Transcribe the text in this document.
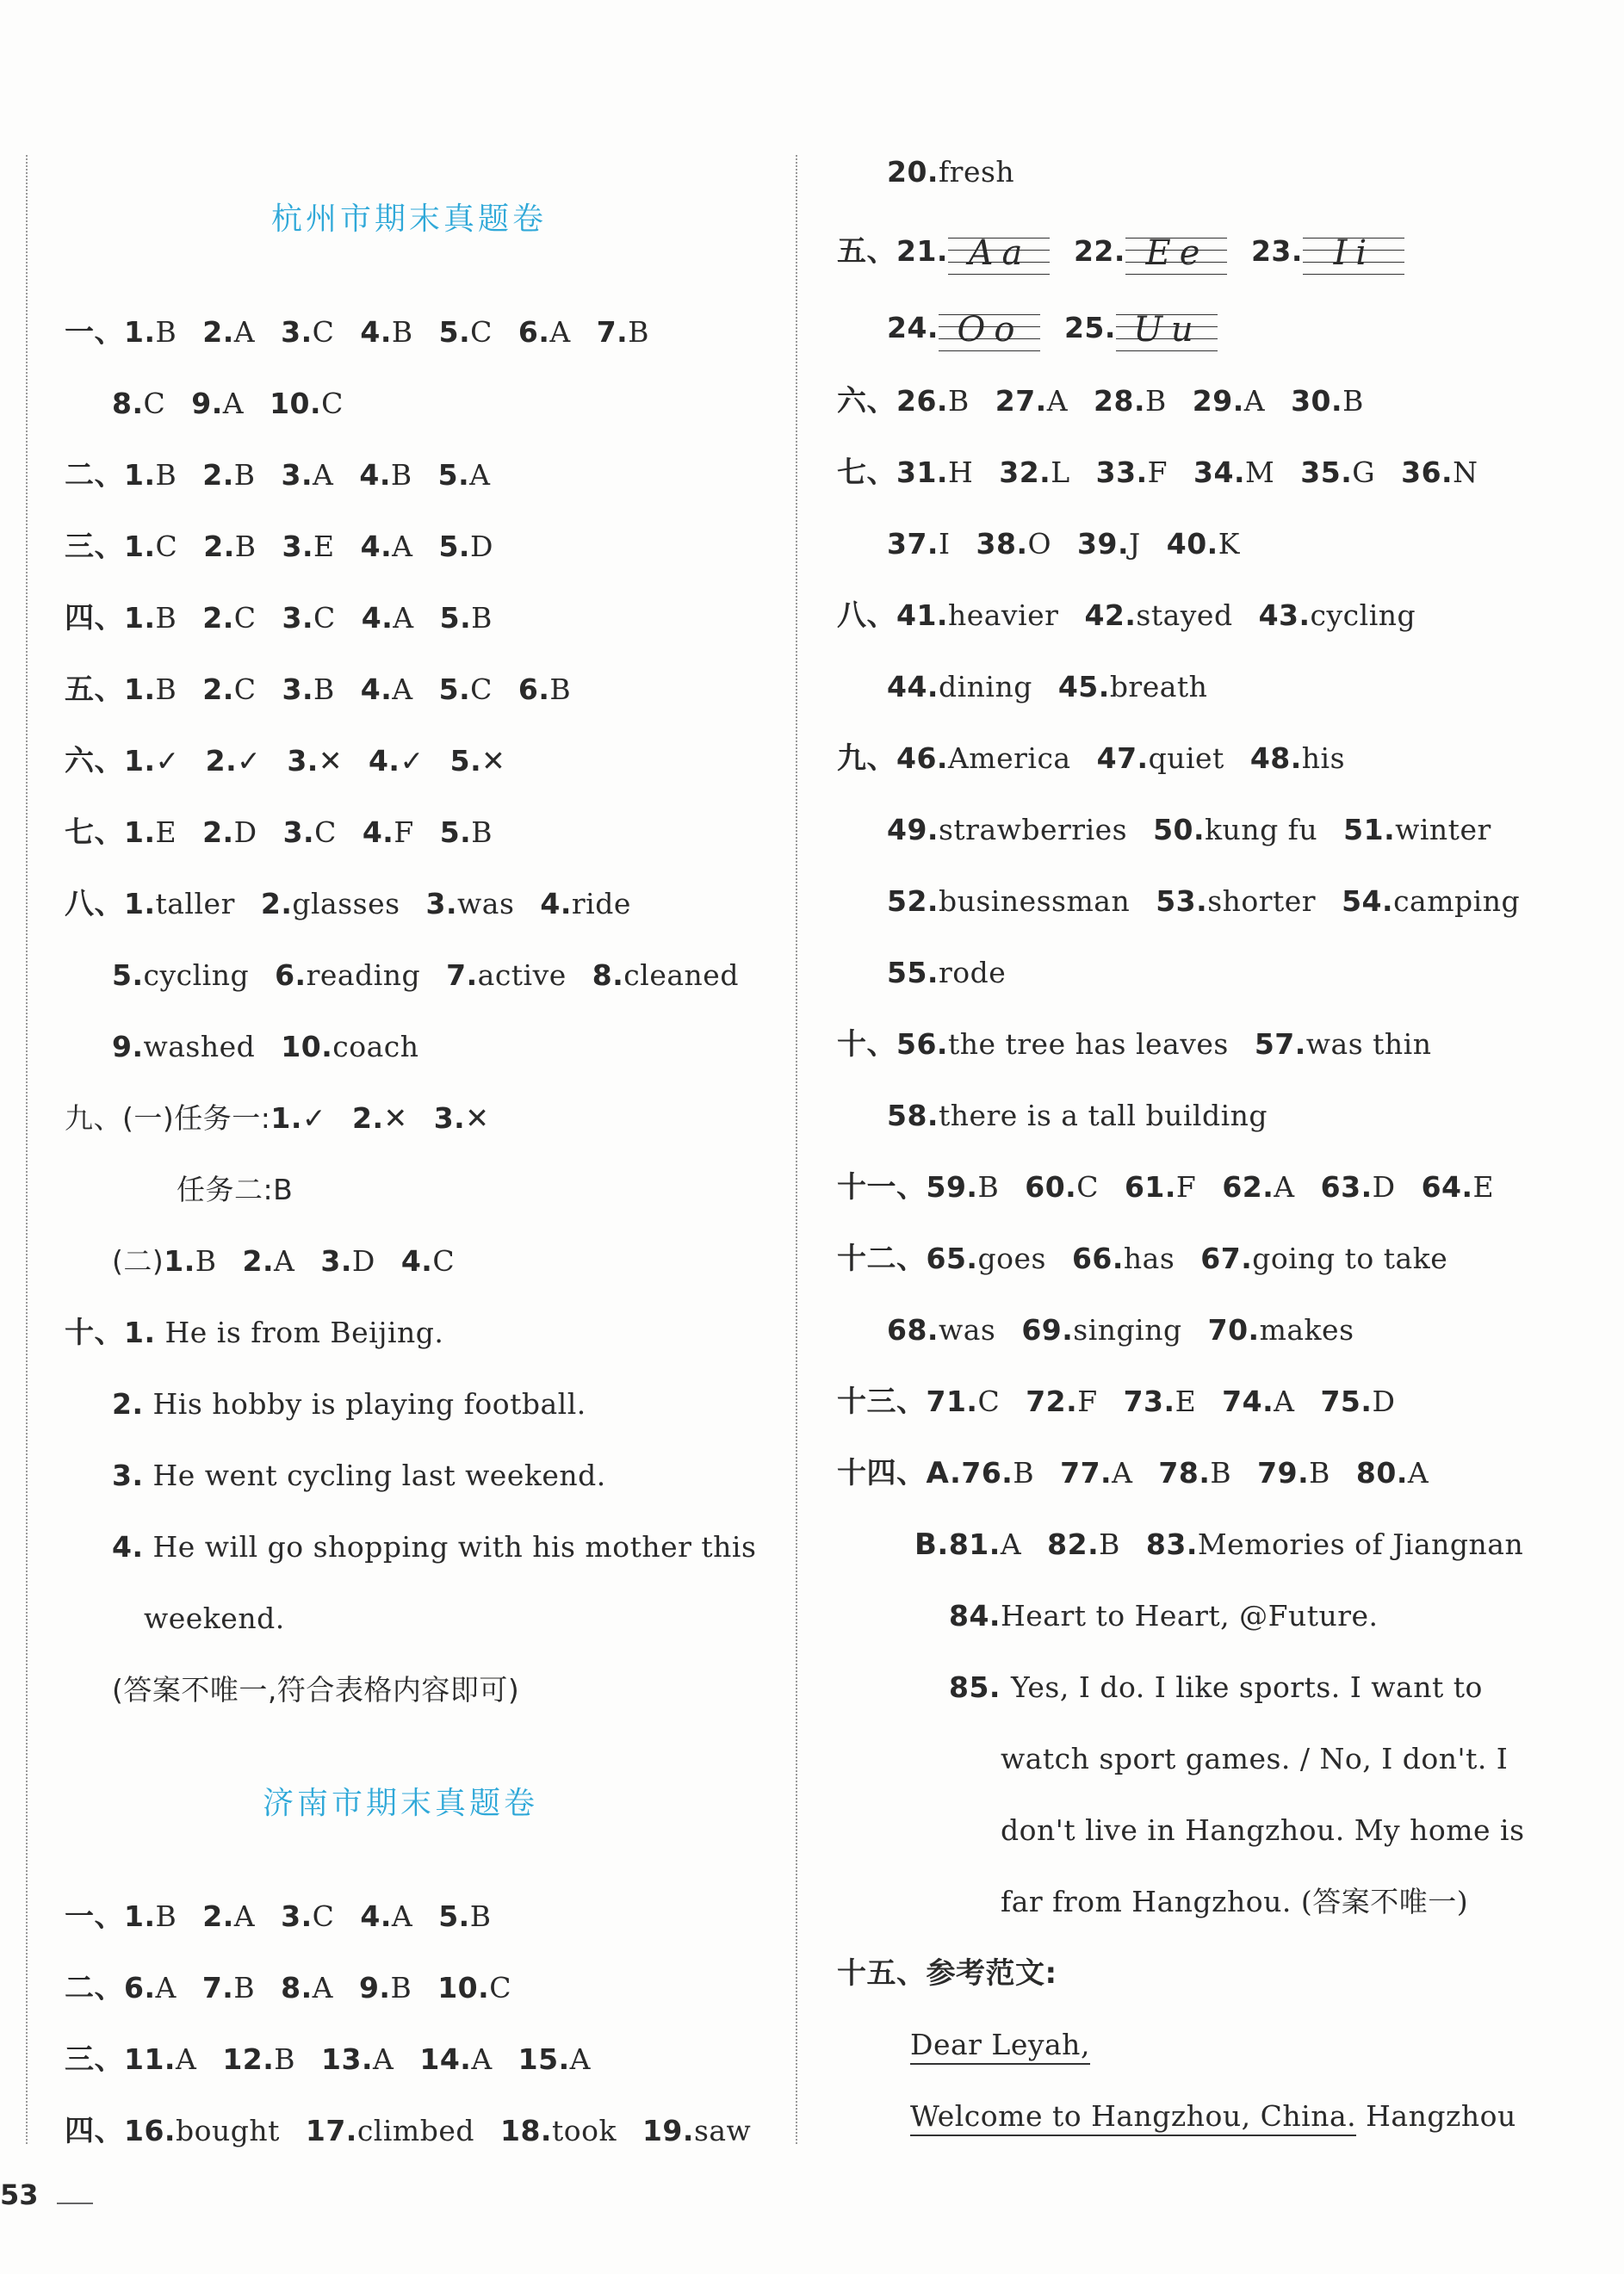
杭州市期末真题卷
一、1.B 2.A 3.C 4.B 5.C 6.A 7.B
8.C 9.A 10.C
二、1.B 2.B 3.A 4.B 5.A
三、1.C 2.B 3.E 4.A 5.D
四、1.B 2.C 3.C 4.A 5.B
五、1.B 2.C 3.B 4.A 5.C 6.B
六、1.✓ 2.✓ 3.✕ 4.✓ 5.✕
七、1.E 2.D 3.C 4.F 5.B
八、1.taller 2.glasses 3.was 4.ride
5.cycling 6.reading 7.active 8.cleaned
9.washed 10.coach
九、(一)任务一:1.✓ 2.✕ 3.✕
任务二:B
(二)1.B 2.A 3.D 4.C
十、1. He is from Beijing.
2. His hobby is playing football.
3. He went cycling last weekend.
4. He will go shopping with his mother this
weekend.
(答案不唯一,符合表格内容即可)
济南市期末真题卷
一、1.B 2.A 3.C 4.A 5.B
二、6.A 7.B 8.A 9.B 10.C
三、11.A 12.B 13.A 14.A 15.A
四、16.bought 17.climbed 18.took 19.saw
20.fresh
五、21. Aa	22. Ee	23. Ii
24. Oo	25. Uu
六、26.B 27.A 28.B 29.A 30.B
七、31.H 32.L 33.F 34.M 35.G 36.N
37.I 38.O 39.J 40.K
八、41.heavier 42.stayed 43.cycling
44.dining 45.breath
九、46.America 47.quiet 48.his
49.strawberries 50.kung fu 51.winter
52.businessman 53.shorter 54.camping
55.rode
十、56.the tree has leaves 57.was thin
58.there is a tall building
十一、59.B 60.C 61.F 62.A 63.D 64.E
十二、65.goes 66.has 67.going to take
68.was 69.singing 70.makes
十三、71.C 72.F 73.E 74.A 75.D
十四、A.76.B 77.A 78.B 79.B 80.A
B.81.A 82.B 83.Memories of Jiangnan
84.Heart to Heart, @Future.
85. Yes, I do. I like sports. I want to
watch sport games. / No, I don't. I
don't live in Hangzhou. My home is
far from Hangzhou. (答案不唯一)
十五、参考范文:
Dear Leyah,
Welcome to Hangzhou, China. Hangzhou
53
